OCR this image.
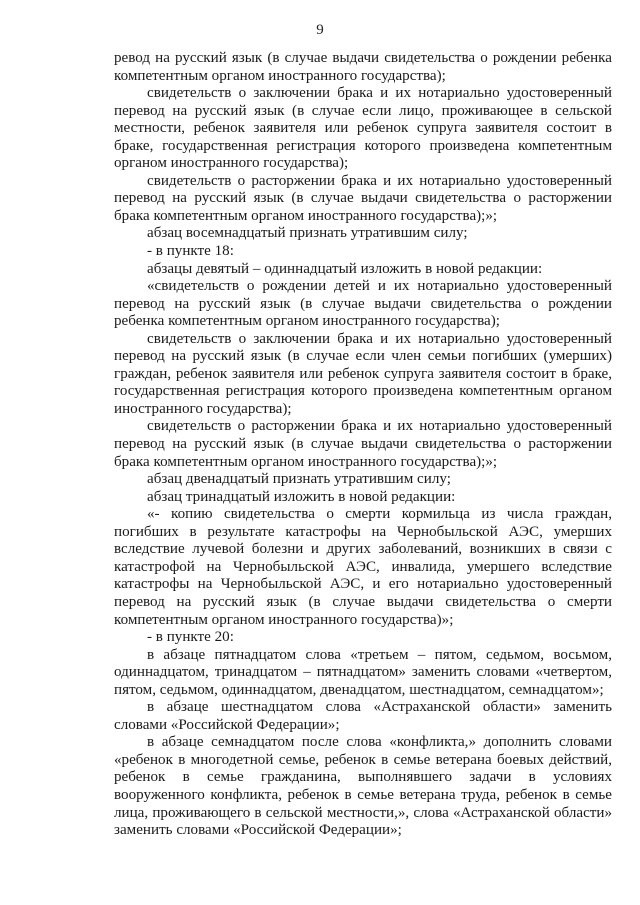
9

ревод на русский язык (в случае выдачи свидетельства о рождении ребенка компетентным органом иностранного государства);

свидетельств о заключении брака и их нотариально удостоверенный перевод на русский язык (в случае если лицо, проживающее в сельской местности, ребенок заявителя или ребенок супруга заявителя состоит в браке, государственная регистрация которого произведена компетентным органом иностранного государства);

свидетельств о расторжении брака и их нотариально удостоверенный перевод на русский язык (в случае выдачи свидетельства о расторжении брака компетентным органом иностранного государства);»;

абзац восемнадцатый признать утратившим силу;

- в пункте 18:

абзацы девятый – одиннадцатый изложить в новой редакции:

«свидетельств о рождении детей и их нотариально удостоверенный перевод на русский язык (в случае выдачи свидетельства о рождении ребенка компетентным органом иностранного государства);

свидетельств о заключении брака и их нотариально удостоверенный перевод на русский язык (в случае если член семьи погибших (умерших) граждан, ребенок заявителя или ребенок супруга заявителя состоит в браке, государственная регистрация которого произведена компетентным органом иностранного государства);

свидетельств о расторжении брака и их нотариально удостоверенный перевод на русский язык (в случае выдачи свидетельства о расторжении брака компетентным органом иностранного государства);»;

абзац двенадцатый признать утратившим силу;

абзац тринадцатый изложить в новой редакции:

«- копию свидетельства о смерти кормильца из числа граждан, погибших в результате катастрофы на Чернобыльской АЭС, умерших вследствие лучевой болезни и других заболеваний, возникших в связи с катастрофой на Чернобыльской АЭС, инвалида, умершего вследствие катастрофы на Чернобыльской АЭС, и его нотариально удостоверенный перевод на русский язык (в случае выдачи свидетельства о смерти компетентным органом иностранного государства)»;

- в пункте 20:

в абзаце пятнадцатом слова «третьем – пятом, седьмом, восьмом, одиннадцатом, тринадцатом – пятнадцатом» заменить словами «четвертом, пятом, седьмом, одиннадцатом, двенадцатом, шестнадцатом, семнадцатом»;

в абзаце шестнадцатом слова «Астраханской области» заменить словами «Российской Федерации»;

в абзаце семнадцатом после слова «конфликта,» дополнить словами «ребенок в многодетной семье, ребенок в семье ветерана боевых действий, ребенок в семье гражданина, выполнявшего задачи в условиях вооруженного конфликта, ребенок в семье ветерана труда, ребенок в семье лица, проживающего в сельской местности,», слова «Астраханской области» заменить словами «Российской Федерации»;
